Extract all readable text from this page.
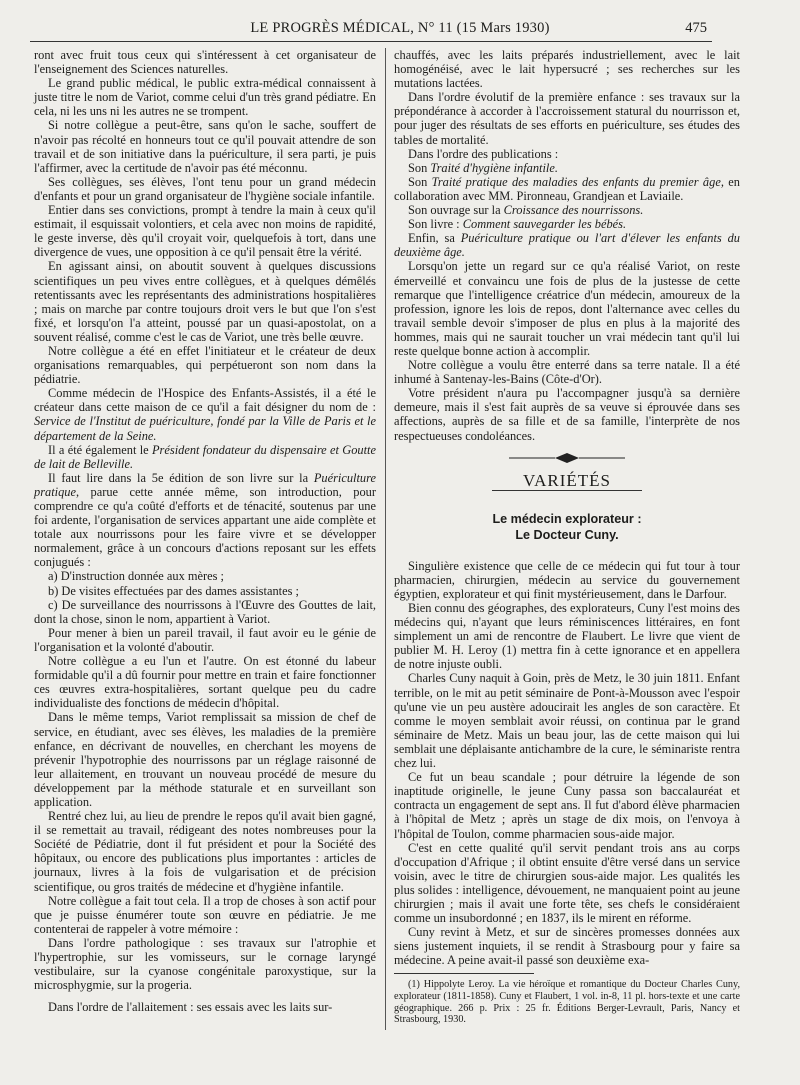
LE PROGRÈS MÉDICAL, N° 11 (15 Mars 1930)	475

ront avec fruit tous ceux qui s'intéressent à cet organisateur de l'enseignement des Sciences naturelles.

Le grand public médical, le public extra-médical connaissent à juste titre le nom de Variot, comme celui d'un très grand pédiatre. En cela, ni les uns ni les autres ne se trompent.

Si notre collègue a peut-être, sans qu'on le sache, souffert de n'avoir pas récolté en honneurs tout ce qu'il pouvait attendre de son travail et de son initiative dans la puériculture, il sera parti, je puis l'affirmer, avec la certitude de n'avoir pas été méconnu.

Ses collègues, ses élèves, l'ont tenu pour un grand médecin d'enfants et pour un grand organisateur de l'hygiène sociale infantile.

Entier dans ses convictions, prompt à tendre la main à ceux qu'il estimait, il esquissait volontiers, et cela avec non moins de rapidité, le geste inverse, dès qu'il croyait voir, quelquefois à tort, dans une divergence de vues, une opposition à ce qu'il pensait être la vérité.

En agissant ainsi, on aboutit souvent à quelques discussions scientifiques un peu vives entre collègues, et à quelques démêlés retentissants avec les représentants des administrations hospitalières ; mais on marche par contre toujours droit vers le but que l'on s'est fixé, et lorsqu'on l'a atteint, poussé par un quasi-apostolat, on a souvent réalisé, comme c'est le cas de Variot, une très belle œuvre.

Notre collègue a été en effet l'initiateur et le créateur de deux organisations remarquables, qui perpétueront son nom dans la pédiatrie.

Comme médecin de l'Hospice des Enfants-Assistés, il a été le créateur dans cette maison de ce qu'il a fait désigner du nom de : Service de l'Institut de puériculture, fondé par la Ville de Paris et le département de la Seine.

Il a été également le Président fondateur du dispensaire et Goutte de lait de Belleville.

Il faut lire dans la 5e édition de son livre sur la Puériculture pratique, parue cette année même, son introduction, pour comprendre ce qu'a coûté d'efforts et de ténacité, soutenus par une foi ardente, l'organisation de services appartant une aide complète et totale aux nourrissons pour les faire vivre et se développer normalement, grâce à un concours d'actions reposant sur les effets conjugués :

a) D'instruction donnée aux mères ;

b) De visites effectuées par des dames assistantes ;

c) De surveillance des nourrissons à l'Œuvre des Gouttes de lait, dont la chose, sinon le nom, appartient à Variot.

Pour mener à bien un pareil travail, il faut avoir eu le génie de l'organisation et la volonté d'aboutir.

Notre collègue a eu l'un et l'autre. On est étonné du labeur formidable qu'il a dû fournir pour mettre en train et faire fonctionner ces œuvres extra-hospitalières, sortant quelque peu du cadre individualiste des fonctions de médecin d'hôpital.

Dans le même temps, Variot remplissait sa mission de chef de service, en étudiant, avec ses élèves, les maladies de la première enfance, en décrivant de nouvelles, en cherchant les moyens de prévenir l'hypotrophie des nourrissons par un réglage raisonné de leur allaitement, en trouvant un nouveau procédé de mesure du développement par la méthode staturale et en surveillant son application.

Rentré chez lui, au lieu de prendre le repos qu'il avait bien gagné, il se remettait au travail, rédigeant des notes nombreuses pour la Société de Pédiatrie, dont il fut président et pour la Société des hôpitaux, ou encore des publications plus importantes : articles de journaux, livres à la fois de vulgarisation et de précision scientifique, ou gros traités de médecine et d'hygiène infantile.

Notre collègue a fait tout cela. Il a trop de choses à son actif pour que je puisse énumérer toute son œuvre en pédiatrie. Je me contenterai de rappeler à votre mémoire :

Dans l'ordre pathologique : ses travaux sur l'atrophie et l'hypertrophie, sur les vomisseurs, sur le cornage laryngé vestibulaire, sur la cyanose congénitale paroxystique, sur la microsphygmie, sur la progeria.

Dans l'ordre de l'allaitement : ses essais avec les laits sur-

chauffés, avec les laits préparés industriellement, avec le lait homogénéisé, avec le lait hypersucré ; ses recherches sur les mutations lactées.

Dans l'ordre évolutif de la première enfance : ses travaux sur la prépondérance à accorder à l'accroissement statural du nourrisson et, pour juger des résultats de ses efforts en puériculture, ses études des tables de mortalité.

Dans l'ordre des publications :

Son Traité d'hygiène infantile.

Son Traité pratique des maladies des enfants du premier âge, en collaboration avec MM. Pironneau, Grandjean et Laviaile.

Son ouvrage sur la Croissance des nourrissons.

Son livre : Comment sauvegarder les bébés.

Enfin, sa Puériculture pratique ou l'art d'élever les enfants du deuxième âge.

Lorsqu'on jette un regard sur ce qu'a réalisé Variot, on reste émerveillé et convaincu une fois de plus de la justesse de cette remarque que l'intelligence créatrice d'un médecin, amoureux de la profession, ignore les lois de repos, dont l'alternance avec celles du travail semble devoir s'imposer de plus en plus à la majorité des hommes, mais qui ne saurait toucher un vrai médecin tant qu'il lui reste quelque bonne action à accomplir.

Notre collègue a voulu être enterré dans sa terre natale. Il a été inhumé à Santenay-les-Bains (Côte-d'Or).

Votre président n'aura pu l'accompagner jusqu'à sa dernière demeure, mais il s'est fait auprès de sa veuve si éprouvée dans ses affections, auprès de sa fille et de sa famille, l'interprète de nos respectueuses condoléances.

VARIÉTÉS
Le médecin explorateur :
Le Docteur Cuny.

Singulière existence que celle de ce médecin qui fut tour à tour pharmacien, chirurgien, médecin au service du gouvernement égyptien, explorateur et qui finit mystérieusement, dans le Darfour.

Bien connu des géographes, des explorateurs, Cuny l'est moins des médecins qui, n'ayant que leurs réminiscences littéraires, en font simplement un ami de rencontre de Flaubert. Le livre que vient de publier M. H. Leroy (1) mettra fin à cette ignorance et en appellera de notre injuste oubli.

Charles Cuny naquit à Goin, près de Metz, le 30 juin 1811. Enfant terrible, on le mit au petit séminaire de Pont-à-Mousson avec l'espoir qu'une vie un peu austère adoucirait les angles de son caractère. Et comme le moyen semblait avoir réussi, on continua par le grand séminaire de Metz. Mais un beau jour, las de cette maison qui lui semblait une déplaisante antichambre de la cure, le séminariste rentra chez lui.

Ce fut un beau scandale ; pour détruire la légende de son inaptitude originelle, le jeune Cuny passa son baccalauréat et contracta un engagement de sept ans. Il fut d'abord élève pharmacien à l'hôpital de Metz ; après un stage de dix mois, on l'envoya à l'hôpital de Toulon, comme pharmacien sous-aide major.

C'est en cette qualité qu'il servit pendant trois ans au corps d'occupation d'Afrique ; il obtint ensuite d'être versé dans un service voisin, avec le titre de chirurgien sous-aide major. Les qualités les plus solides : intelligence, dévouement, ne manquaient point au jeune chirurgien ; mais il avait une forte tête, ses chefs le considéraient comme un insubordonné ; en 1837, ils le mirent en réforme.

Cuny revint à Metz, et sur de sincères promesses données aux siens justement inquiets, il se rendit à Strasbourg pour y faire sa médecine. A peine avait-il passé son deuxième exa-

(1) Hippolyte Leroy. La vie héroïque et romantique du Docteur Charles Cuny, explorateur (1811-1858). Cuny et Flaubert, 1 vol. in-8, 11 pl. hors-texte et une carte géographique. 266 p. Prix : 25 fr. Éditions Berger-Levrault, Paris, Nancy et Strasbourg, 1930.
